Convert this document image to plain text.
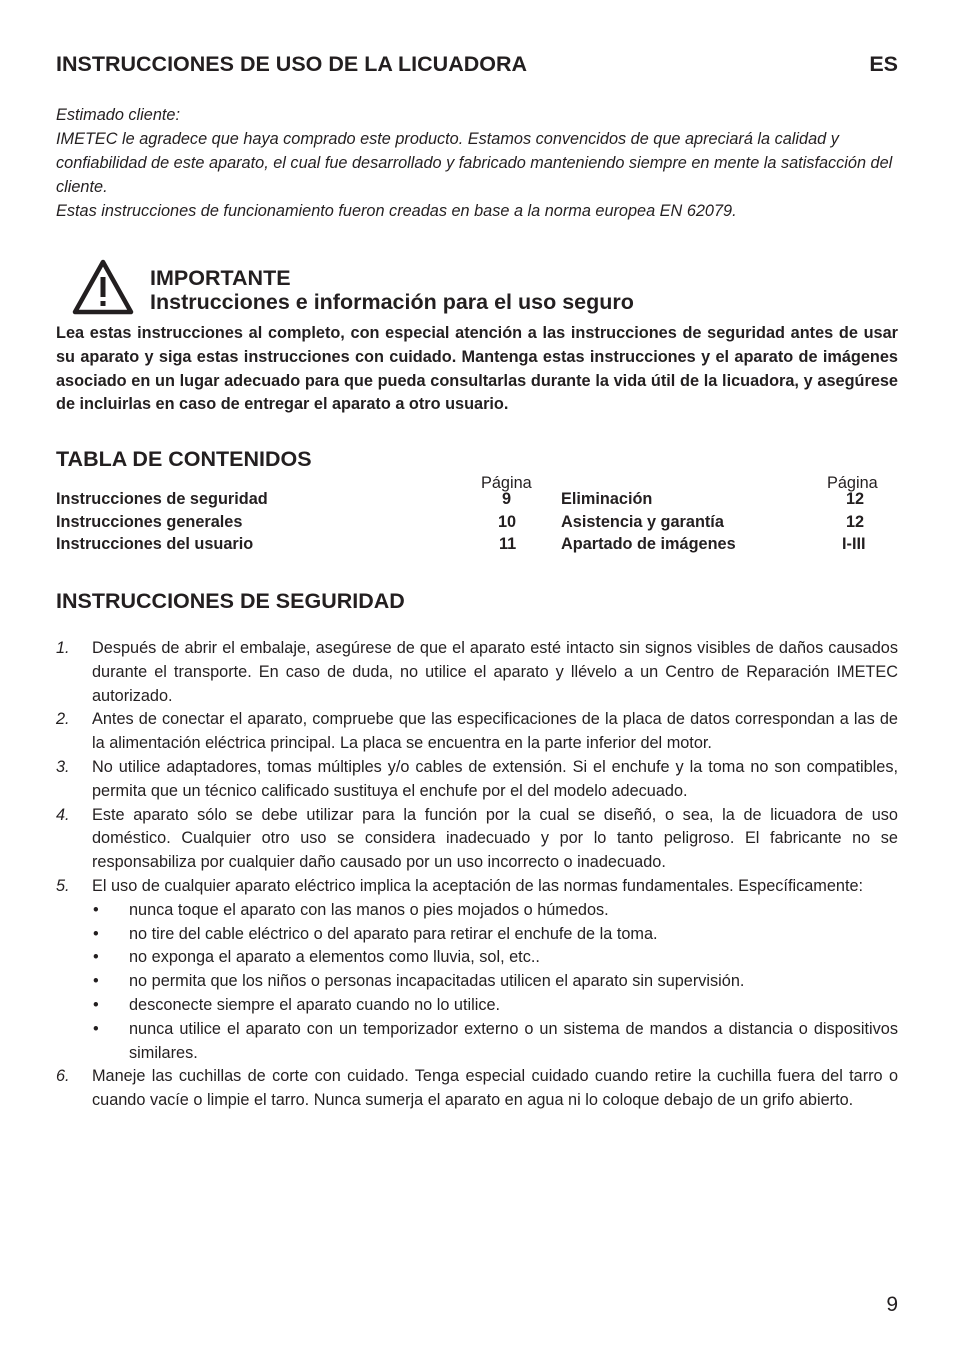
INSTRUCCIONES DE USO DE LA LICUADORA	ES

Estimado cliente:

IMETEC le agradece que haya comprado este producto. Estamos convencidos de que apreciará la calidad y confiabilidad de este aparato, el cual fue desarrollado y fabricado manteniendo siempre en mente la satisfacción del cliente.

Estas instrucciones de funcionamiento fueron creadas en base a la norma europea EN 62079.

IMPORTANTE
Instrucciones e información para el uso seguro
Lea estas instrucciones al completo, con especial atención a las instrucciones de seguridad antes de usar su aparato y siga estas instrucciones con cuidado. Mantenga estas instrucciones y el aparato de imágenes asociado en un lugar adecuado para que pueda consultarlas durante la vida útil de la licuadora, y asegúrese de incluirlas en caso de entregar el aparato a otro usuario.
TABLA DE CONTENIDOS
Página	Página
Instrucciones de seguridad	9	Eliminación	12
Instrucciones generales	10	Asistencia y garantía	12
Instrucciones del usuario	11	Apartado de imágenes	I-III
INSTRUCCIONES DE SEGURIDAD
1. Después de abrir el embalaje, asegúrese de que el aparato esté intacto sin signos visibles de daños causados durante el transporte. En caso de duda, no utilice el aparato y llévelo a un Centro de Reparación IMETEC autorizado.
2. Antes de conectar el aparato, compruebe que las especificaciones de la placa de datos correspondan a las de la alimentación eléctrica principal. La placa se encuentra en la parte inferior del motor.
3. No utilice adaptadores, tomas múltiples y/o cables de extensión. Si el enchufe y la toma no son compatibles, permita que un técnico calificado sustituya el enchufe por el del modelo adecuado.
4. Este aparato sólo se debe utilizar para la función por la cual se diseñó, o sea, la de licuadora de uso doméstico. Cualquier otro uso se considera inadecuado y por lo tanto peligroso. El fabricante no se responsabiliza por cualquier daño causado por un uso incorrecto o inadecuado.
5. El uso de cualquier aparato eléctrico implica la aceptación de las normas fundamentales. Específicamente:
• nunca toque el aparato con las manos o pies mojados o húmedos.
• no tire del cable eléctrico o del aparato para retirar el enchufe de la toma.
• no exponga el aparato a elementos como lluvia, sol, etc..
• no permita que los niños o personas incapacitadas utilicen el aparato sin supervisión.
• desconecte siempre el aparato cuando no lo utilice.
• nunca utilice el aparato con un temporizador externo o un sistema de mandos a distancia o dispositivos similares.
6. Maneje las cuchillas de corte con cuidado. Tenga especial cuidado cuando retire la cuchilla fuera del tarro o cuando vacíe o limpie el tarro. Nunca sumerja el aparato en agua ni lo coloque debajo de un grifo abierto.
9
